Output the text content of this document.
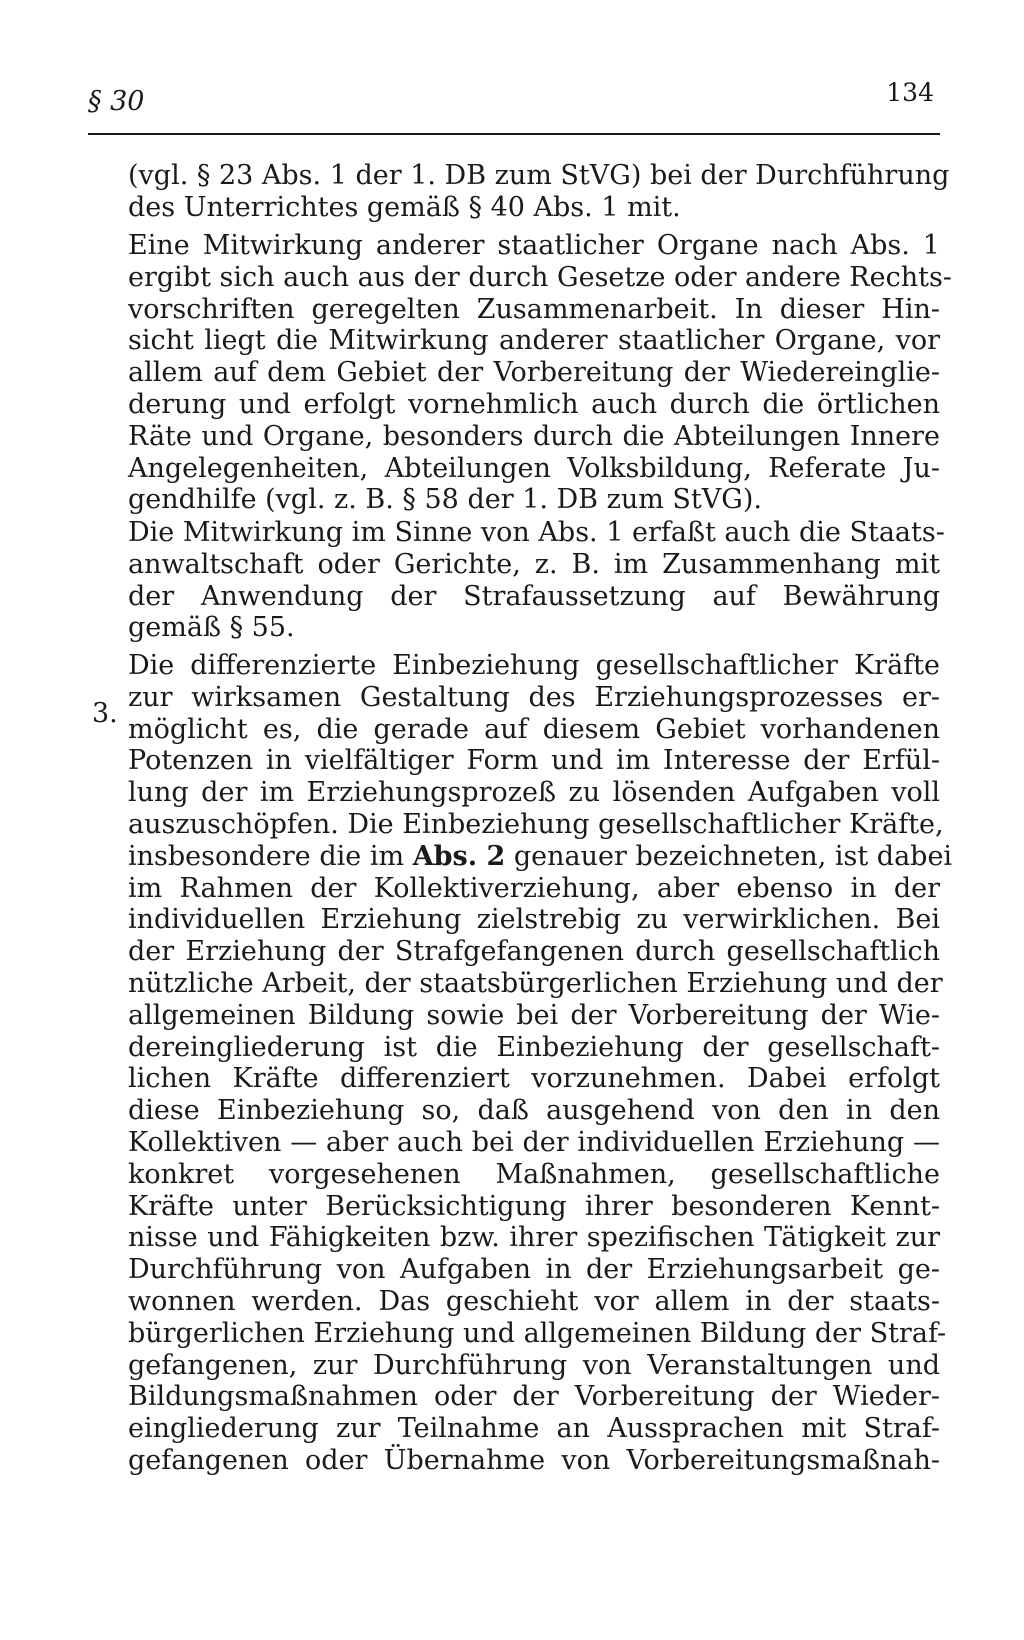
§ 30	134
(vgl. § 23 Abs. 1 der 1. DB zum StVG) bei der Durchführung
des Unterrichtes gemäß § 40 Abs. 1 mit.
Eine Mitwirkung anderer staatlicher Organe nach Abs. 1
ergibt sich auch aus der durch Gesetze oder andere Rechts-
vorschriften geregelten Zusammenarbeit. In dieser Hin-
sicht liegt die Mitwirkung anderer staatlicher Organe, vor
allem auf dem Gebiet der Vorbereitung der Wiedereinglie-
derung und erfolgt vornehmlich auch durch die örtlichen
Räte und Organe, besonders durch die Abteilungen Innere
Angelegenheiten, Abteilungen Volksbildung, Referate Ju-
gendhilfe (vgl. z. B. § 58 der 1. DB zum StVG).
Die Mitwirkung im Sinne von Abs. 1 erfaßt auch die Staats-
anwaltschaft oder Gerichte, z. B. im Zusammenhang mit
der Anwendung der Strafaussetzung auf Bewährung
gemäß § 55.
3.
Die differenzierte Einbeziehung gesellschaftlicher Kräfte
zur wirksamen Gestaltung des Erziehungsprozesses er-
möglicht es, die gerade auf diesem Gebiet vorhandenen
Potenzen in vielfältiger Form und im Interesse der Erfül-
lung der im Erziehungsprozeß zu lösenden Aufgaben voll
auszuschöpfen. Die Einbeziehung gesellschaftlicher Kräfte,
insbesondere die im Abs. 2 genauer bezeichneten, ist dabei
im Rahmen der Kollektiverziehung, aber ebenso in der
individuellen Erziehung zielstrebig zu verwirklichen. Bei
der Erziehung der Strafgefangenen durch gesellschaftlich
nützliche Arbeit, der staatsbürgerlichen Erziehung und der
allgemeinen Bildung sowie bei der Vorbereitung der Wie-
dereingliederung ist die Einbeziehung der gesellschaft-
lichen Kräfte differenziert vorzunehmen. Dabei erfolgt
diese Einbeziehung so, daß ausgehend von den in den
Kollektiven — aber auch bei der individuellen Erziehung —
konkret vorgesehenen Maßnahmen, gesellschaftliche
Kräfte unter Berücksichtigung ihrer besonderen Kennt-
nisse und Fähigkeiten bzw. ihrer spezifischen Tätigkeit zur
Durchführung von Aufgaben in der Erziehungsarbeit ge-
wonnen werden. Das geschieht vor allem in der staats-
bürgerlichen Erziehung und allgemeinen Bildung der Straf-
gefangenen, zur Durchführung von Veranstaltungen und
Bildungsmaßnahmen oder der Vorbereitung der Wieder-
eingliederung zur Teilnahme an Aussprachen mit Straf-
gefangenen oder Übernahme von Vorbereitungsmaßnah-
